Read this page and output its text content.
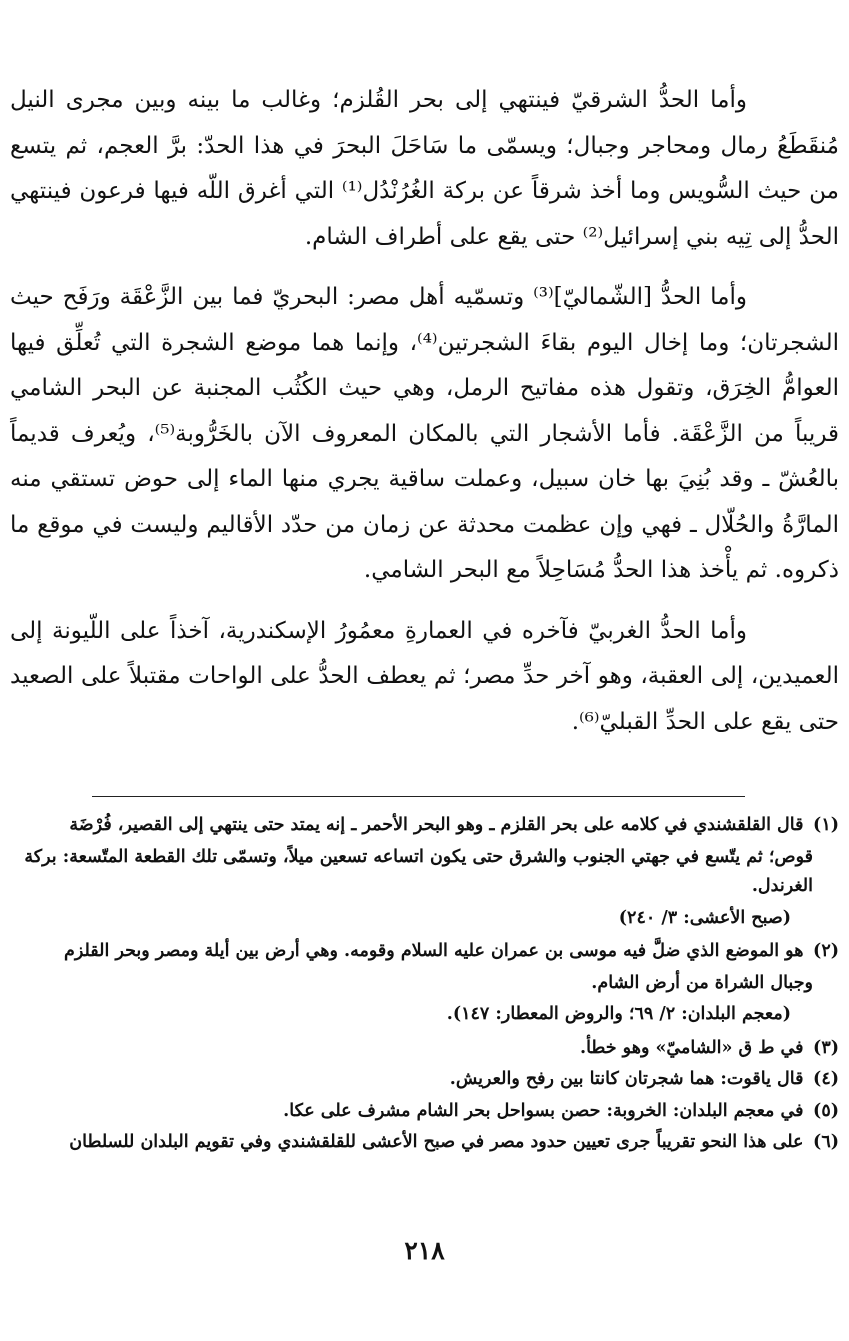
وأما الحدُّ الشرقيّ فينتهي إلى بحر القُلزم؛ وغالب ما بينه وبين مجرى النيل مُنقَطَعُ رمال ومحاجر وجبال؛ ويسمّى ما سَاحَلَ البحرَ في هذا الحدّ: برَّ العجم، ثم يتسع من حيث السُّويس وما أخذ شرقاً عن بركة الغُرُنْدُل⁽¹⁾ التي أغرق اللّه فيها فرعون فينتهي الحدُّ إلى تِيه بني إسرائيل⁽²⁾ حتى يقع على أطراف الشام.

وأما الحدُّ [الشّماليّ]⁽³⁾ وتسمّيه أهل مصر: البحريّ فما بين الزَّعْقَة ورَفَح حيث الشجرتان؛ وما إخال اليوم بقاءَ الشجرتين⁽⁴⁾، وإنما هما موضع الشجرة التي تُعلِّق فيها العوامُّ الخِرَق، وتقول هذه مفاتيح الرمل، وهي حيث الكُثُب المجنبة عن البحر الشامي قريباً من الزَّعْقَة. فأما الأشجار التي بالمكان المعروف الآن بالخَرُّوبة⁽⁵⁾، ويُعرف قديماً بالعُشّ ـ وقد بُنِيَ بها خان سبيل، وعملت ساقية يجري منها الماء إلى حوض تستقي منه المارَّةُ والحُلّال ـ فهي وإن عظمت محدثة عن زمان من حدّد الأقاليم وليست في موقع ما ذكروه. ثم يأْخذ هذا الحدُّ مُسَاحِلاً مع البحر الشامي.

وأما الحدُّ الغربيّ فآخره في العمارةِ معمُورُ الإسكندرية، آخذاً على اللّيونة إلى العميدين، إلى العقبة، وهو آخر حدِّ مصر؛ ثم يعطف الحدُّ على الواحات مقتبلاً على الصعيد حتى يقع على الحدِّ القبليّ⁽⁶⁾.

(١) قال القلقشندي في كلامه على بحر القلزم ـ وهو البحر الأحمر ـ إنه يمتد حتى ينتهي إلى القصير، فُرْضَة
قوص؛ ثم يتّسع في جهتي الجنوب والشرق حتى يكون اتساعه تسعين ميلاً، وتسمّى تلك القطعة المتّسعة: بركة الغرندل.
(صبح الأعشى: ٣/ ٢٤٠)
(٢) هو الموضع الذي ضلَّ فيه موسى بن عمران عليه السلام وقومه. وهي أرض بين أيلة ومصر وبحر القلزم
وجبال الشراة من أرض الشام.
(معجم البلدان: ٢/ ٦٩؛ والروض المعطار: ١٤٧).
(٣) في ط ق «الشاميّ» وهو خطأ.
(٤) قال ياقوت: هما شجرتان كانتا بين رفح والعريش.
(٥) في معجم البلدان: الخروبة: حصن بسواحل بحر الشام مشرف على عكا.
(٦) على هذا النحو تقريباً جرى تعيين حدود مصر في صبح الأعشى للقلقشندي وفي تقويم البلدان للسلطان
٢١٨
